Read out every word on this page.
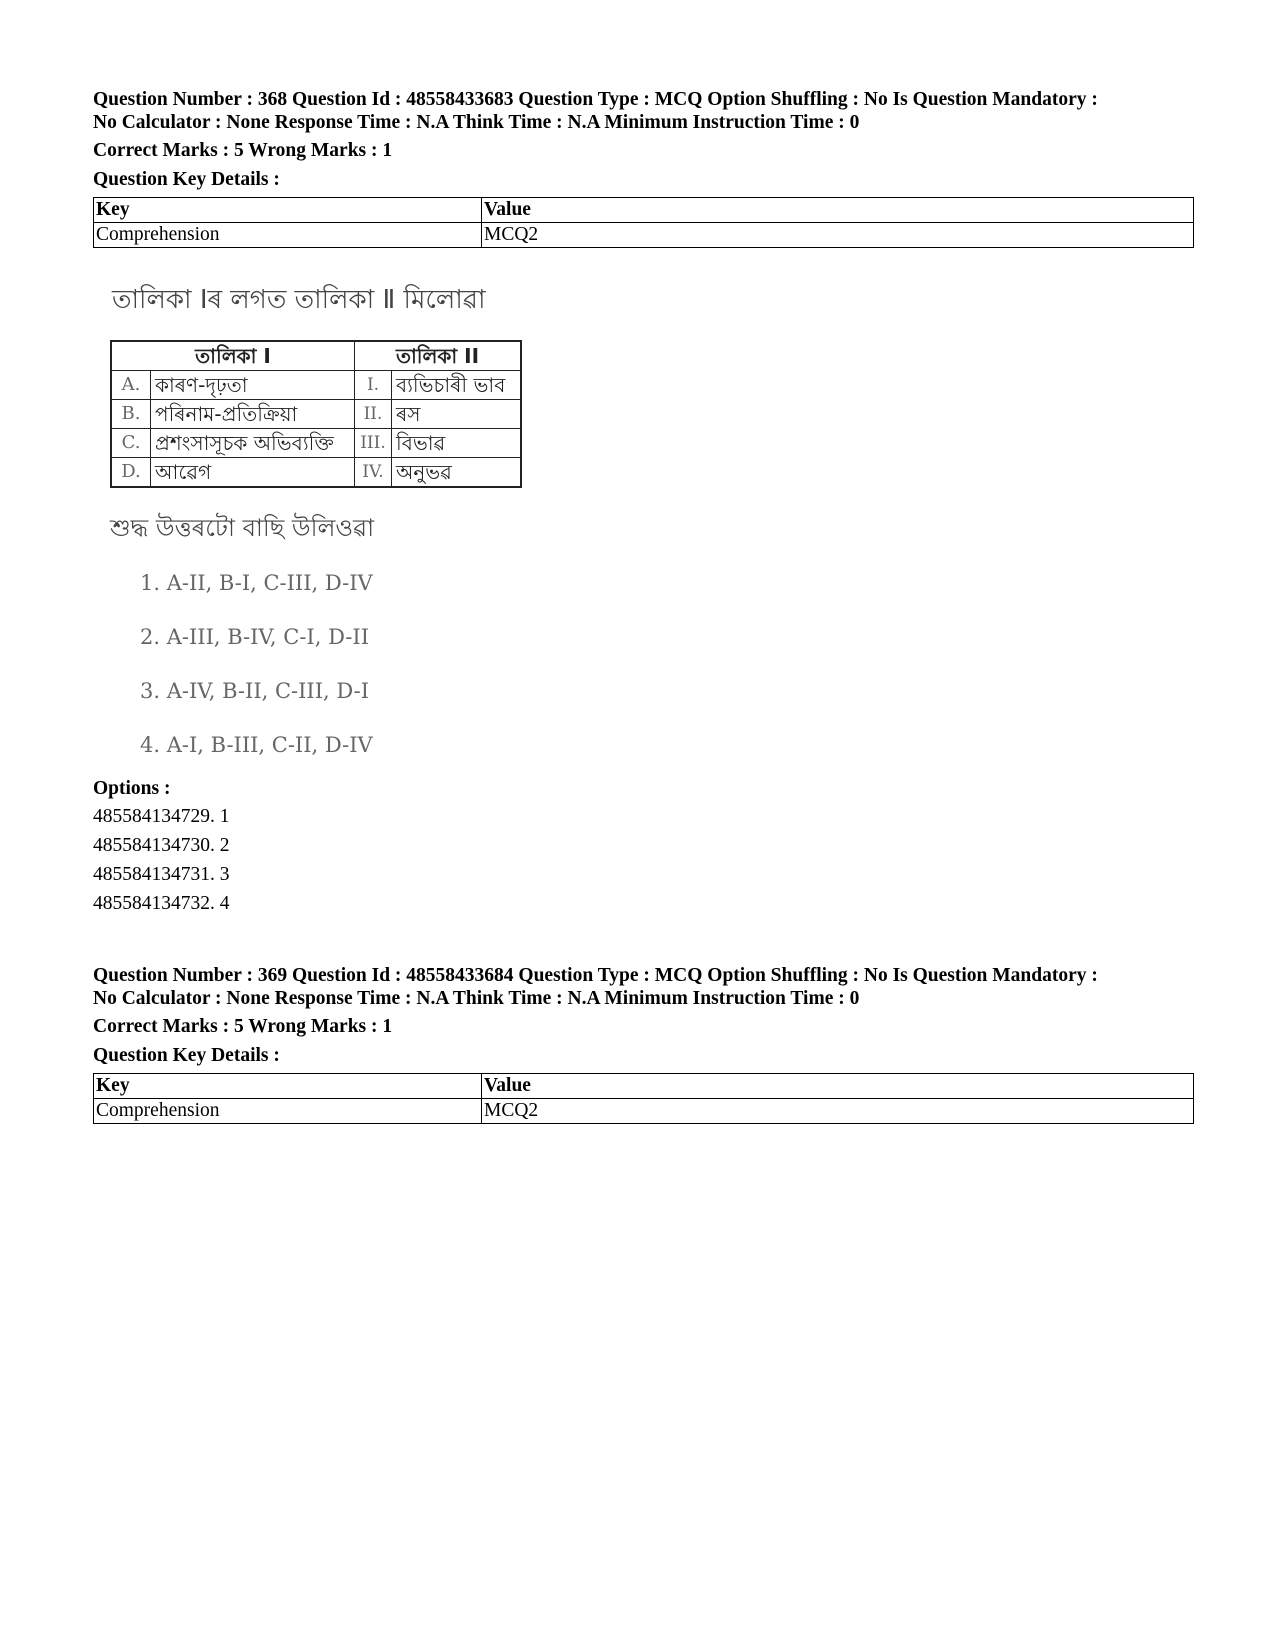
Question Number : 368 Question Id : 48558433683 Question Type : MCQ Option Shuffling : No Is Question Mandatory :

No Calculator : None Response Time : N.A Think Time : N.A Minimum Instruction Time : 0

Correct Marks : 5 Wrong Marks : 1
Question Key Details :
Key	Value
Comprehension	MCQ2
তালিকা Ⅰৰ লগত তালিকা Ⅱ মিলোৱা
তালিকা I		তালিকা II	
A.	কাৰণ-দৃঢ়তা	I.	ব্যভিচাৰী ভাব
B.	পৰিনাম-প্ৰতিক্ৰিয়া	II.	ৰস
C.	প্ৰশংসাসূচক অভিব্যক্তি	III.	বিভাৱ
D.	আৱেগ	IV.	অনুভৱ
শুদ্ধ উত্তৰটো বাছি উলিওৱা
1. A-II, B-I, C-III, D-IV
2. A-III, B-IV, C-I, D-II
3. A-IV, B-II, C-III, D-I
4. A-I, B-III, C-II, D-IV
Options :
485584134729. 1
485584134730. 2
485584134731. 3
485584134732. 4

Question Number : 369 Question Id : 48558433684 Question Type : MCQ Option Shuffling : No Is Question Mandatory :

No Calculator : None Response Time : N.A Think Time : N.A Minimum Instruction Time : 0

Correct Marks : 5 Wrong Marks : 1
Question Key Details :
Key	Value
Comprehension	MCQ2
